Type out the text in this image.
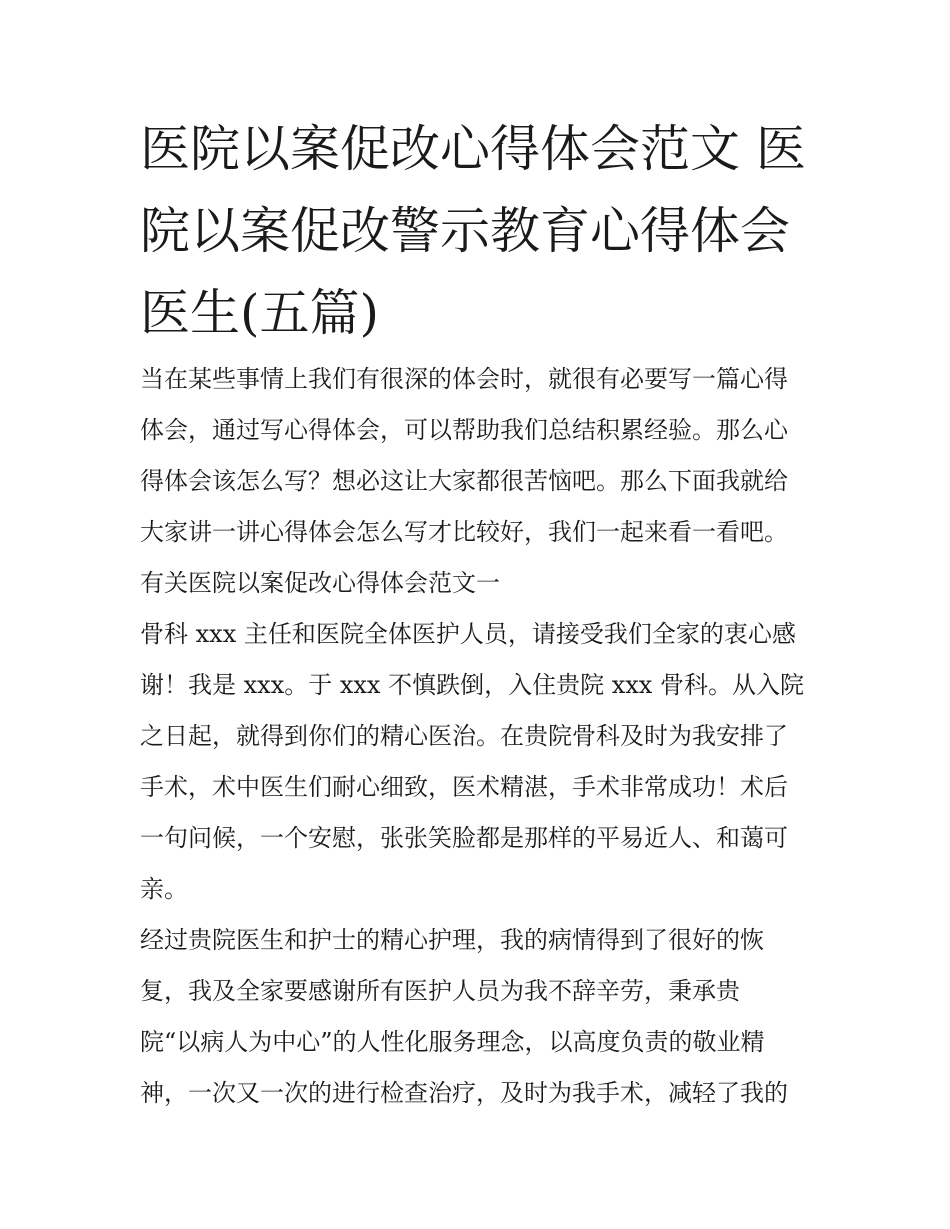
医院以案促改心得体会范文 医
院以案促改警示教育心得体会
医生(五篇)
当在某些事情上我们有很深的体会时，就很有必要写一篇心得
体会，通过写心得体会，可以帮助我们总结积累经验。那么心
得体会该怎么写？想必这让大家都很苦恼吧。那么下面我就给
大家讲一讲心得体会怎么写才比较好，我们一起来看一看吧。
有关医院以案促改心得体会范文一
骨科 xxx 主任和医院全体医护人员，请接受我们全家的衷心感
谢！我是 xxx。于 xxx 不慎跌倒，入住贵院 xxx 骨科。从入院
之日起，就得到你们的精心医治。在贵院骨科及时为我安排了
手术，术中医生们耐心细致，医术精湛，手术非常成功！术后
一句问候，一个安慰，张张笑脸都是那样的平易近人、和蔼可
亲。
经过贵院医生和护士的精心护理，我的病情得到了很好的恢
复，我及全家要感谢所有医护人员为我不辞辛劳，秉承贵
院“以病人为中心”的人性化服务理念，以高度负责的敬业精
神，一次又一次的进行检查治疗，及时为我手术，减轻了我的
